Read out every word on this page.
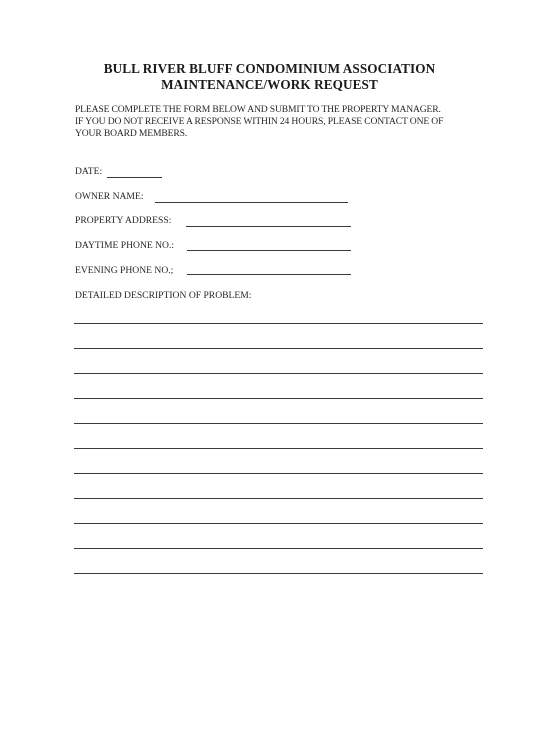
BULL RIVER BLUFF CONDOMINIUM ASSOCIATION
MAINTENANCE/WORK REQUEST
PLEASE COMPLETE THE FORM BELOW AND SUBMIT TO THE PROPERTY MANAGER.
IF YOU DO NOT RECEIVE A RESPONSE WITHIN 24 HOURS, PLEASE CONTACT ONE OF
YOUR BOARD MEMBERS.
DATE:
OWNER NAME:
PROPERTY ADDRESS:
DAYTIME PHONE NO.:
EVENING PHONE NO.;
DETAILED DESCRIPTION OF PROBLEM:
